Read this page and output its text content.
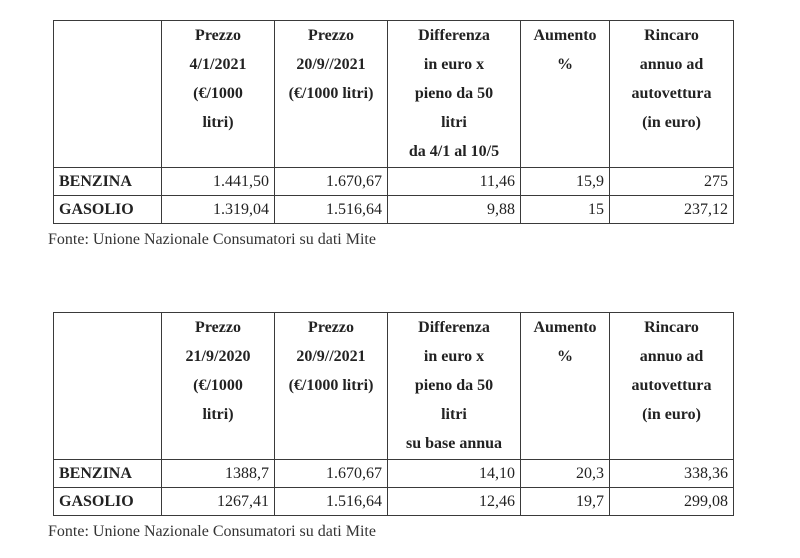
	Prezzo
4/1/2021
(€/1000
litri)	Prezzo
20/9//2021
(€/1000 litri)	Differenza
in euro x
pieno da 50
litri
da 4/1 al 10/5	Aumento
%	Rincaro
annuo ad
autovettura
(in euro)

BENZINA	1.441,50	1.670,67	11,46	15,9	275
GASOLIO	1.319,04	1.516,64	9,88	15	237,12
Fonte: Unione Nazionale Consumatori su dati Mite

	Prezzo
21/9/2020
(€/1000
litri)	Prezzo
20/9//2021
(€/1000 litri)	Differenza
in euro x
pieno da 50
litri
su base annua	Aumento
%	Rincaro
annuo ad
autovettura
(in euro)

BENZINA	1388,7	1.670,67	14,10	20,3	338,36
GASOLIO	1267,41	1.516,64	12,46	19,7	299,08
Fonte: Unione Nazionale Consumatori su dati Mite
